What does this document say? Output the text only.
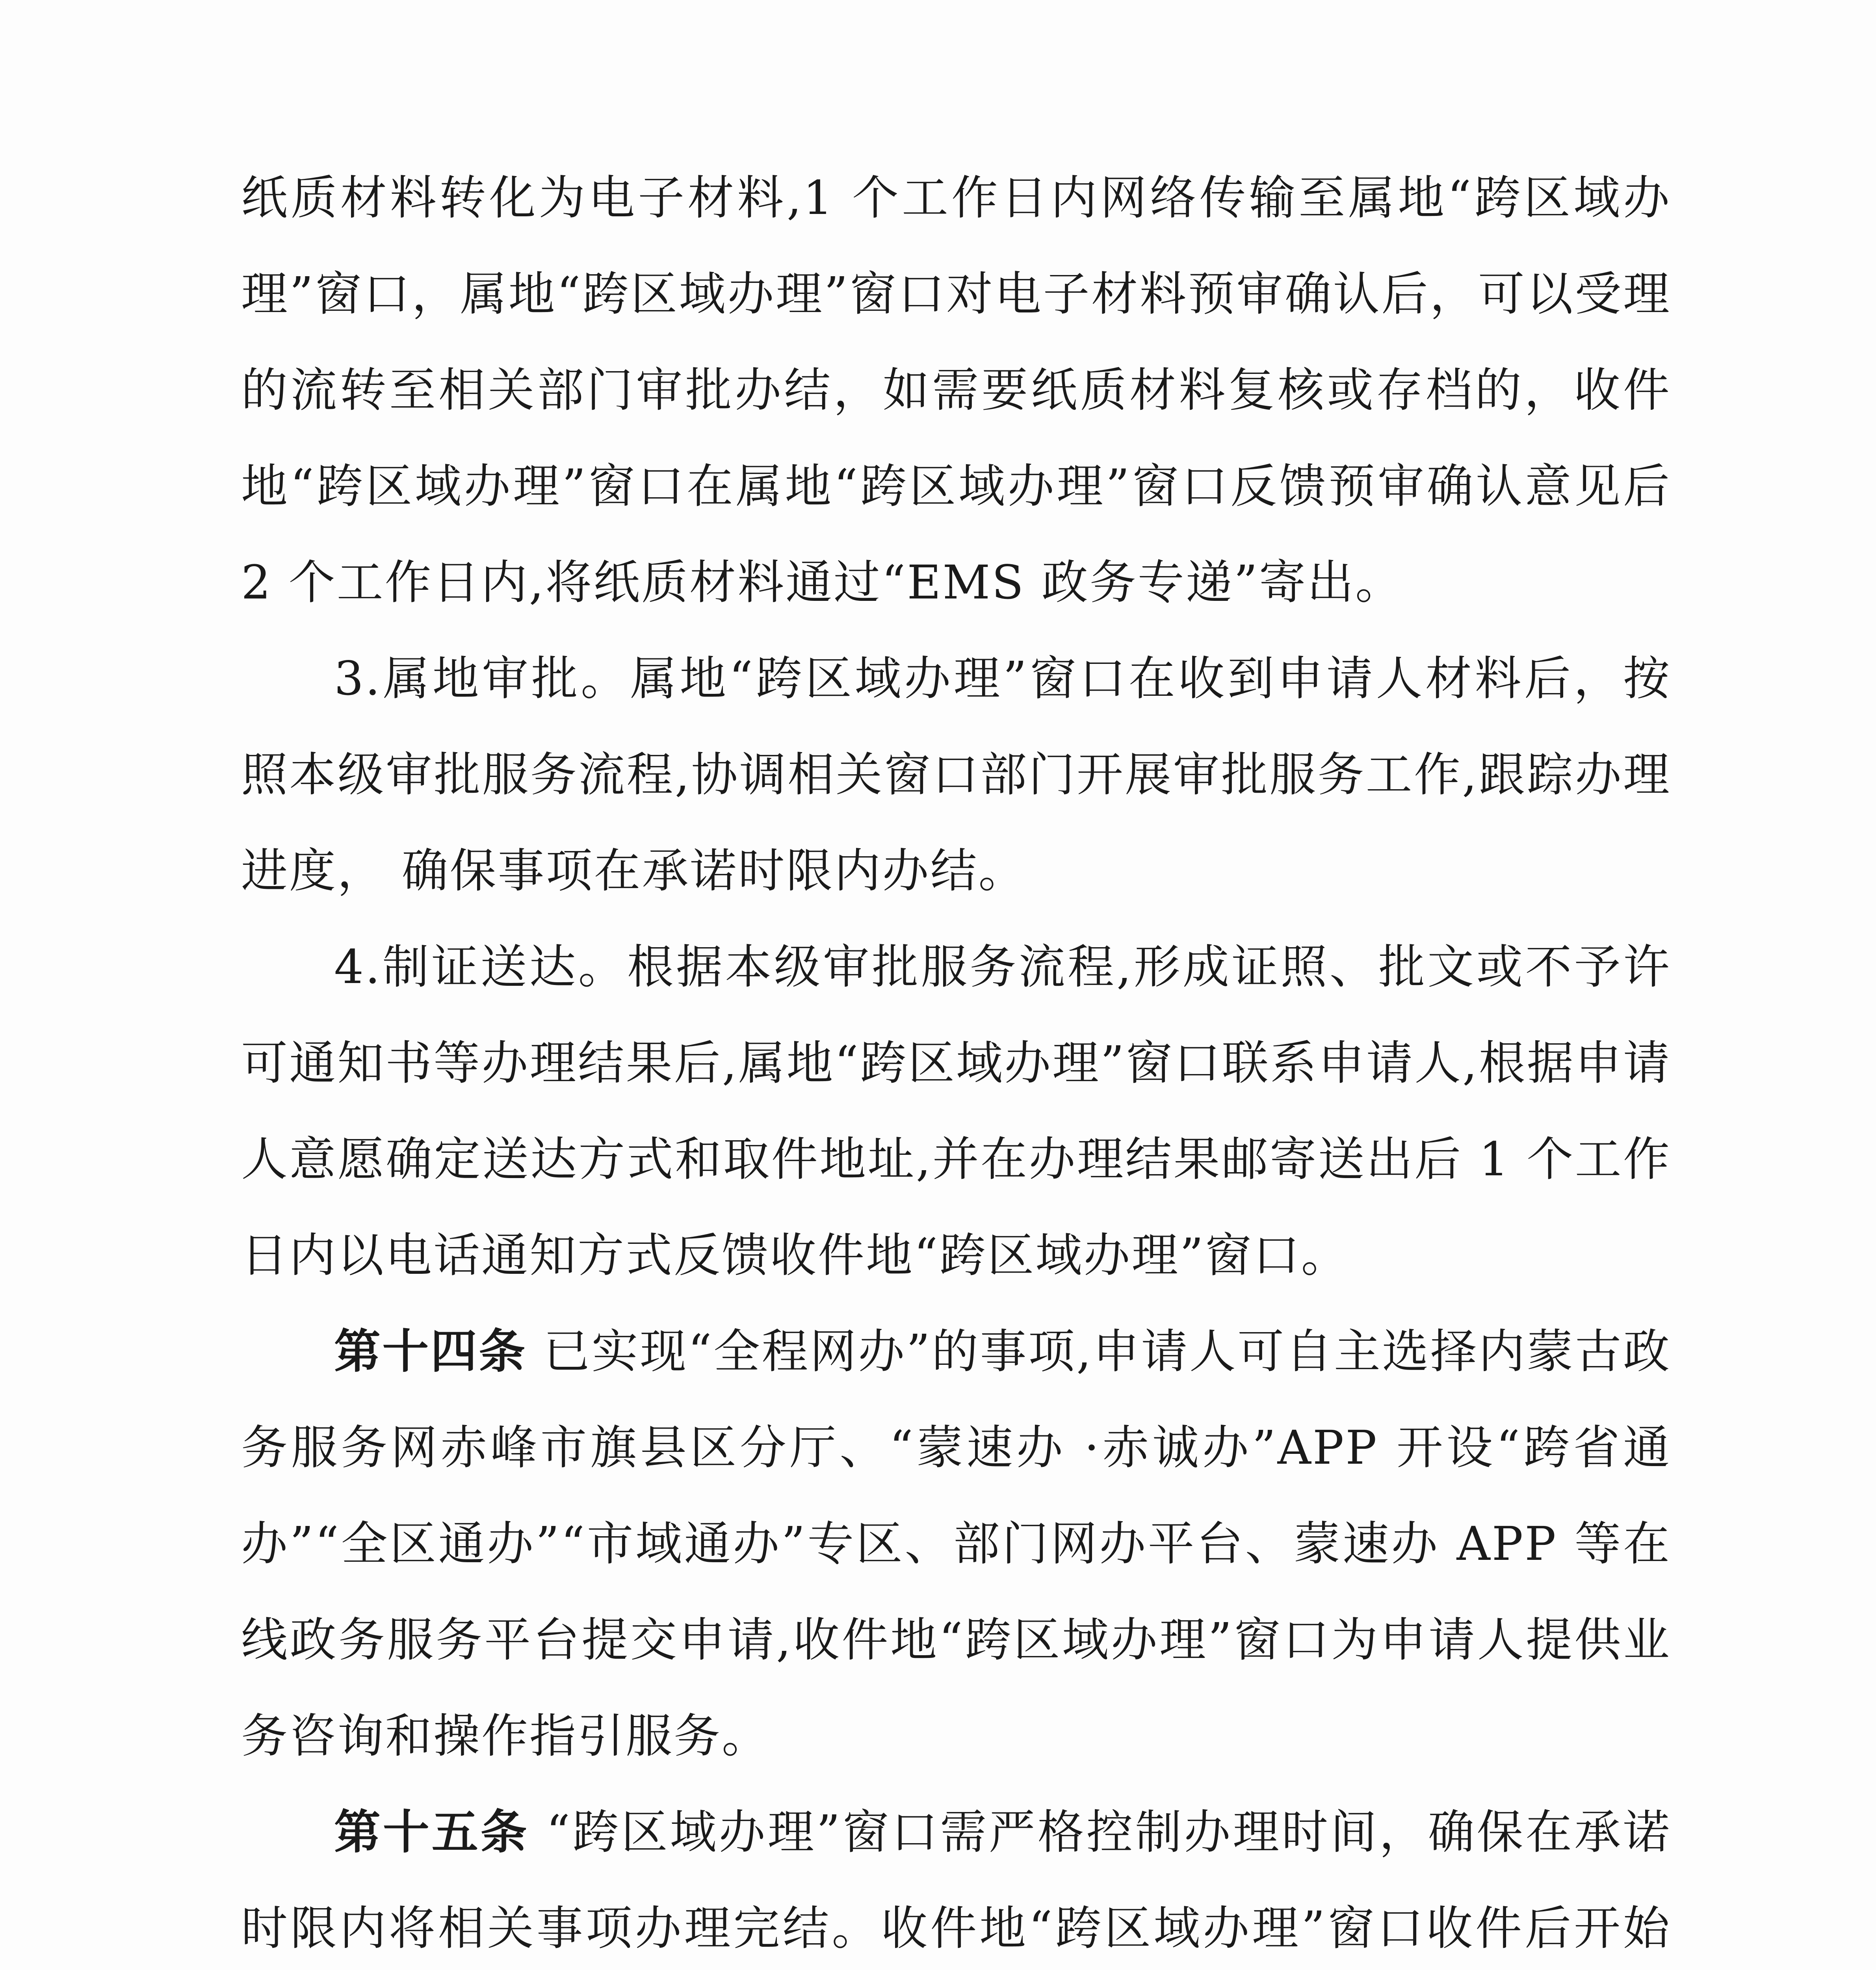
纸质材料转化为电子材料,1 个工作日内网络传输至属地“跨区域办理”窗口，属地“跨区域办理”窗口对电子材料预审确认后，可以受理的流转至相关部门审批办结，如需要纸质材料复核或存档的，收件地“跨区域办理”窗口在属地“跨区域办理”窗口反馈预审确认意见后 2 个工作日内,将纸质材料通过“EMS 政务专递”寄出。

3.属地审批。属地“跨区域办理”窗口在收到申请人材料后，按照本级审批服务流程,协调相关窗口部门开展审批服务工作,跟踪办理进度， 确保事项在承诺时限内办结。

4.制证送达。根据本级审批服务流程,形成证照、批文或不予许可通知书等办理结果后,属地“跨区域办理”窗口联系申请人,根据申请人意愿确定送达方式和取件地址,并在办理结果邮寄送出后 1 个工作日内以电话通知方式反馈收件地“跨区域办理”窗口。

第十四条 已实现“全程网办”的事项,申请人可自主选择内蒙古政务服务网赤峰市旗县区分厅、“蒙速办 ·赤诚办”APP 开设“跨省通办”“全区通办”“市域通办”专区、部门网办平台、蒙速办 APP 等在线政务服务平台提交申请,收件地“跨区域办理”窗口为申请人提供业务咨询和操作指引服务。

第十五条 “跨区域办理”窗口需严格控制办理时间，确保在承诺时限内将相关事项办理完结。收件地“跨区域办理”窗口收件后开始
